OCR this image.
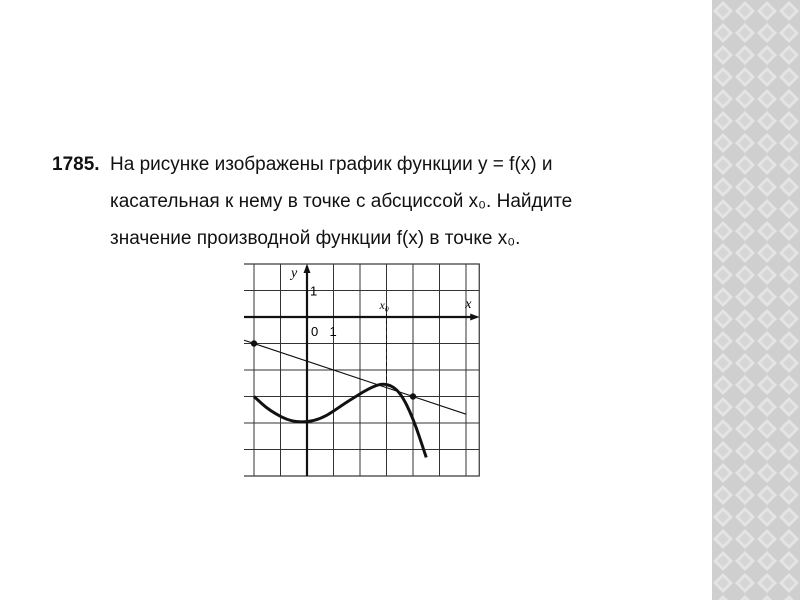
1785. На рисунке изображены график функции y = f(x) и
касательная к нему в точке с абсциссой x₀. Найдите
значение производной функции f(x) в точке x₀.
y
x
x₀
1
0 1
